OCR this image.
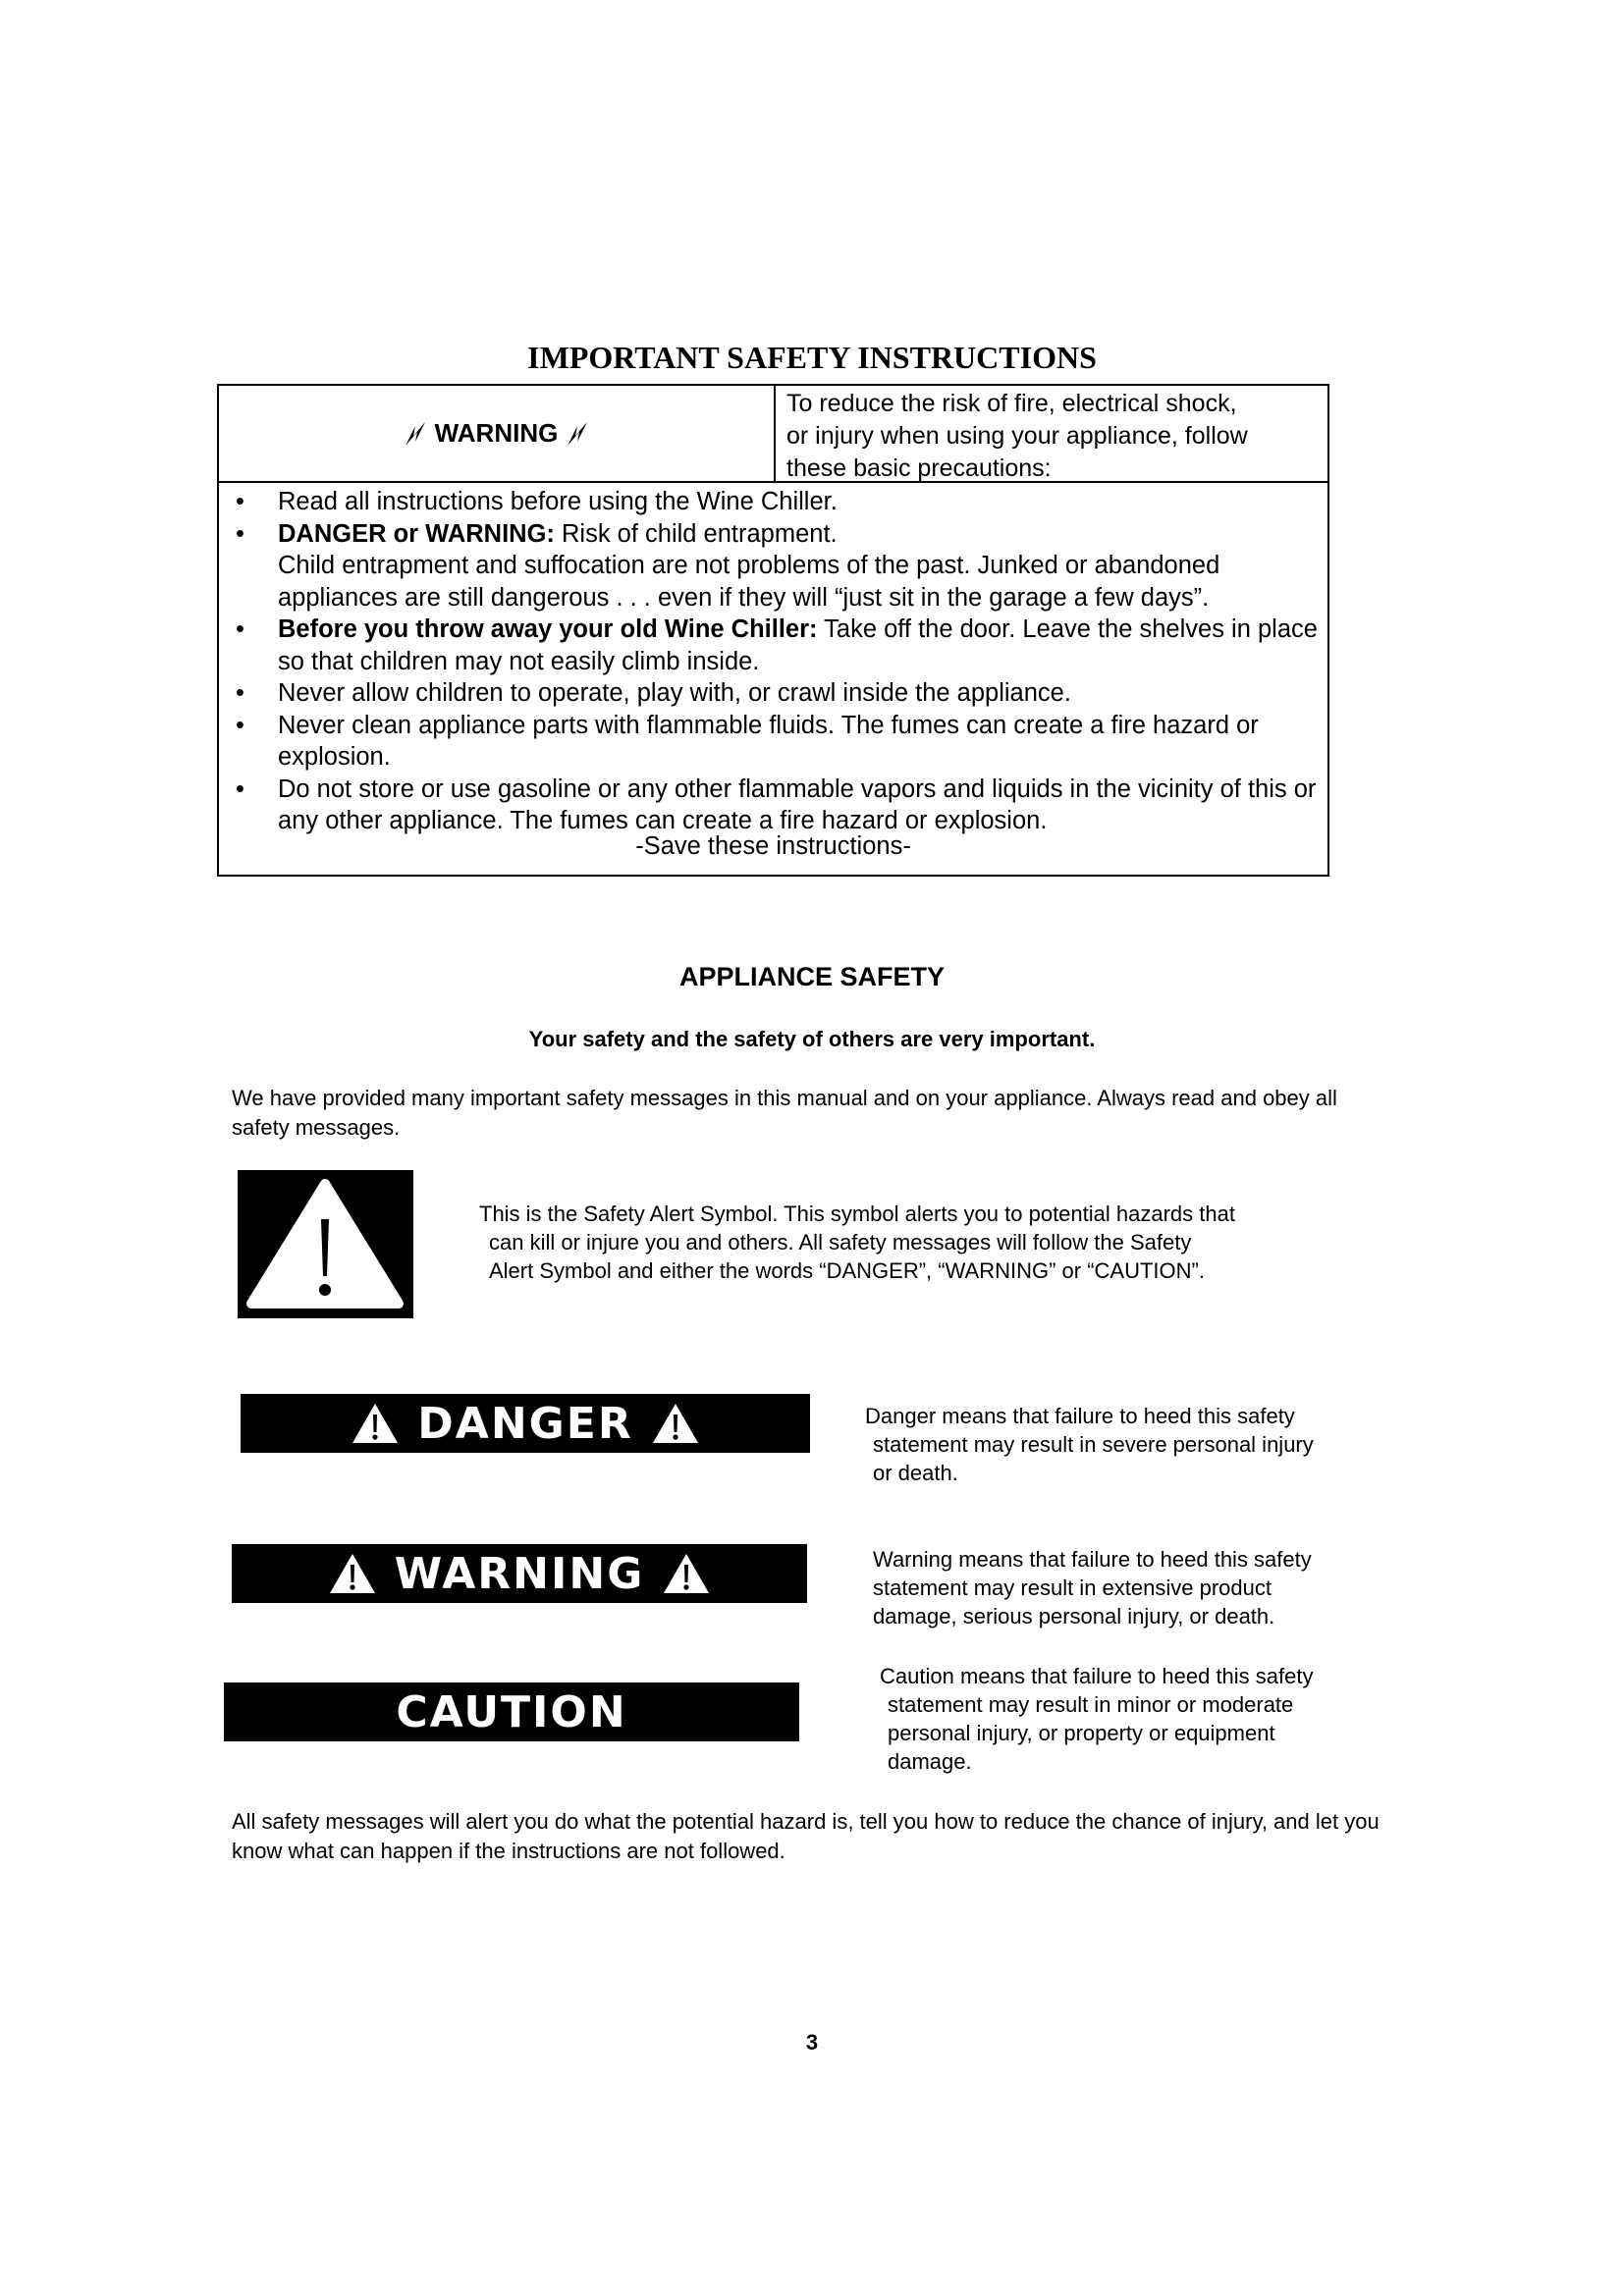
IMPORTANT SAFETY INSTRUCTIONS
WARNING
To reduce the risk of fire, electrical shock,
or injury when using your appliance, follow
these basic precautions:
• Read all instructions before using the Wine Chiller.
• DANGER or WARNING: Risk of child entrapment.
Child entrapment and suffocation are not problems of the past. Junked or abandoned appliances are still dangerous . . . even if they will “just sit in the garage a few days”.
• Before you throw away your old Wine Chiller: Take off the door. Leave the shelves in place so that children may not easily climb inside.
• Never allow children to operate, play with, or crawl inside the appliance.
• Never clean appliance parts with flammable fluids. The fumes can create a fire hazard or explosion.
• Do not store or use gasoline or any other flammable vapors and liquids in the vicinity of this or any other appliance. The fumes can create a fire hazard or explosion.
-Save these instructions-
APPLIANCE SAFETY

Your safety and the safety of others are very important.

We have provided many important safety messages in this manual and on your appliance. Always read and obey all safety messages.

This is the Safety Alert Symbol. This symbol alerts you to potential hazards that
can kill or injure you and others. All safety messages will follow the Safety
Alert Symbol and either the words “DANGER”, “WARNING” or “CAUTION”.
DANGER	Danger means that failure to heed this safety
statement may result in severe personal injury
or death.
WARNING	Warning means that failure to heed this safety
statement may result in extensive product
damage, serious personal injury, or death.
CAUTION
Caution means that failure to heed this safety
statement may result in minor or moderate
personal injury, or property or equipment
damage.

All safety messages will alert you do what the potential hazard is, tell you how to reduce the chance of injury, and let you know what can happen if the instructions are not followed.

3
